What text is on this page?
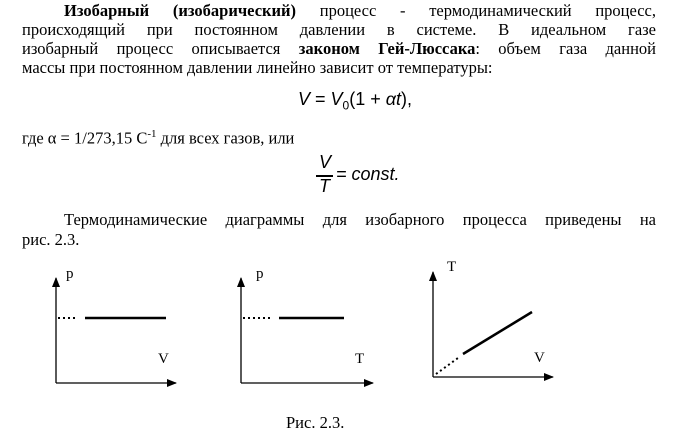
Изобарный (изобарический) процесс - термодинамический процесс,
происходящий при постоянном давлении в системе. В идеальном газе
изобарный процесс описывается законом Гей-Люссака: объем газа данной
массы при постоянном давлении линейно зависит от температуры:
$V = V_0(1 + \alpha t)$,
где α = 1/273,15 $С^{-1}$ для всех газов, или
V
T
= const.
Термодинамические диаграммы для изобарного процесса приведены на
рис. 2.3.
p
V
p
T
T
V
Рис. 2.3.
